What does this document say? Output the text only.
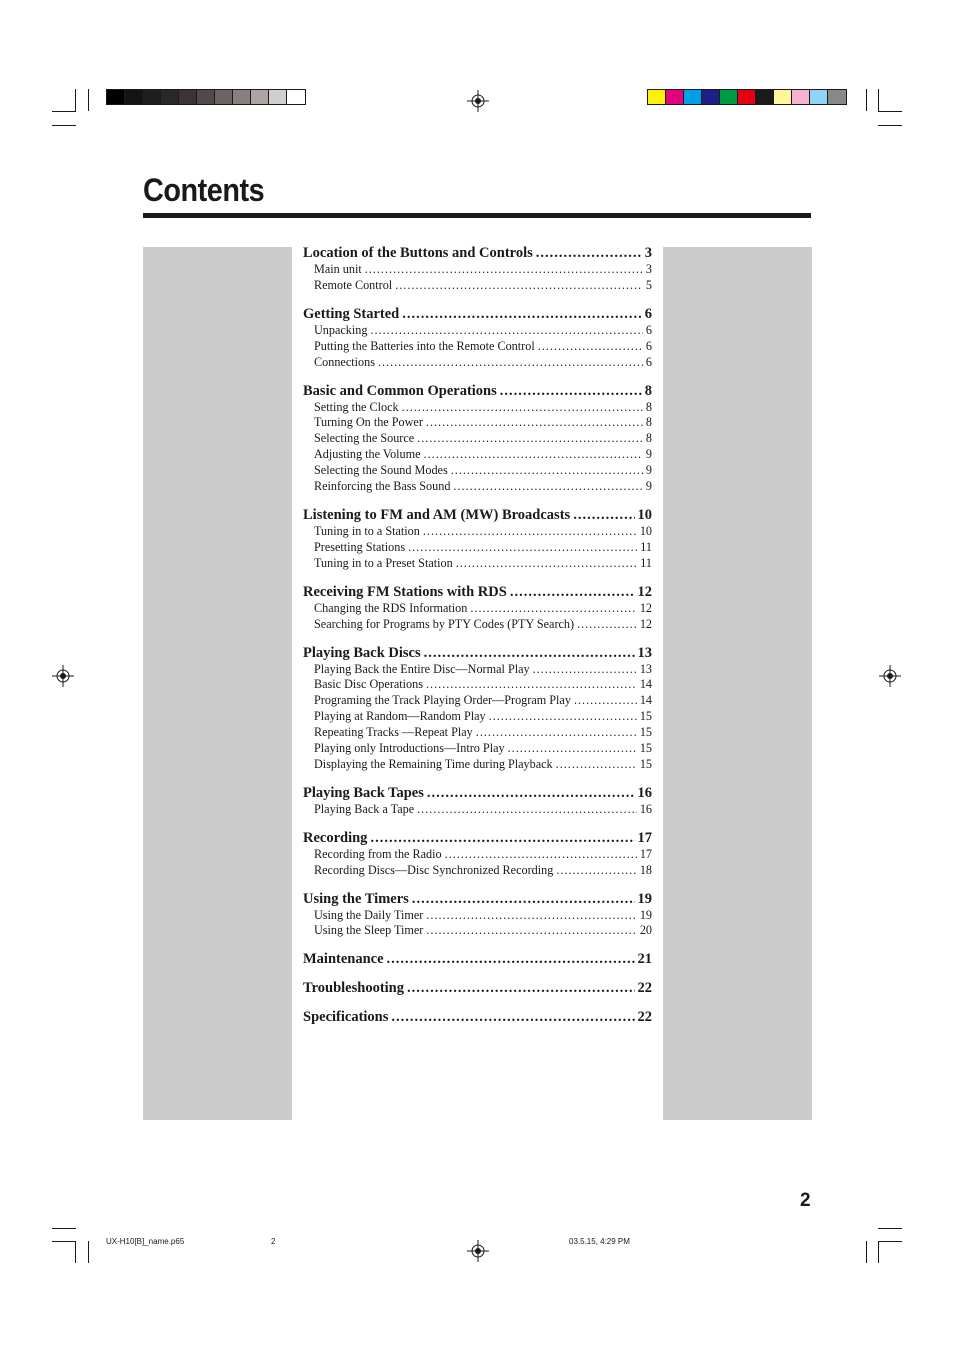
Contents
Location of the Buttons and Controls .....	3
Main unit .....	3
Remote Control .....	5
Getting Started .....	6
Unpacking .....	6
Putting the Batteries into the Remote Control .....	6
Connections .....	6
Basic and Common Operations .....	8
Setting the Clock .....	8
Turning On the Power .....	8
Selecting the Source .....	8
Adjusting the Volume .....	9
Selecting the Sound Modes .....	9
Reinforcing the Bass Sound .....	9
Listening to FM and AM (MW) Broadcasts .....	10
Tuning in to a Station .....	10
Presetting Stations .....	11
Tuning in to a Preset Station .....	11
Receiving FM Stations with RDS .....	12
Changing the RDS Information .....	12
Searching for Programs by PTY Codes (PTY Search) .....	12
Playing Back Discs .....	13
Playing Back the Entire Disc—Normal Play .....	13
Basic Disc Operations .....	14
Programing the Track Playing Order—Program Play .....	14
Playing at Random—Random Play .....	15
Repeating Tracks —Repeat Play .....	15
Playing only Introductions—Intro Play .....	15
Displaying the Remaining Time during Playback .....	15
Playing Back Tapes .....	16
Playing Back a Tape .....	16
Recording .....	17
Recording from the Radio .....	17
Recording Discs—Disc Synchronized Recording .....	18
Using the Timers .....	19
Using the Daily Timer .....	19
Using the Sleep Timer .....	20
Maintenance .....	21
Troubleshooting .....	22
Specifications .....	22
2
UX-H10[B]_name.p65	2	03.5.15, 4:29 PM
